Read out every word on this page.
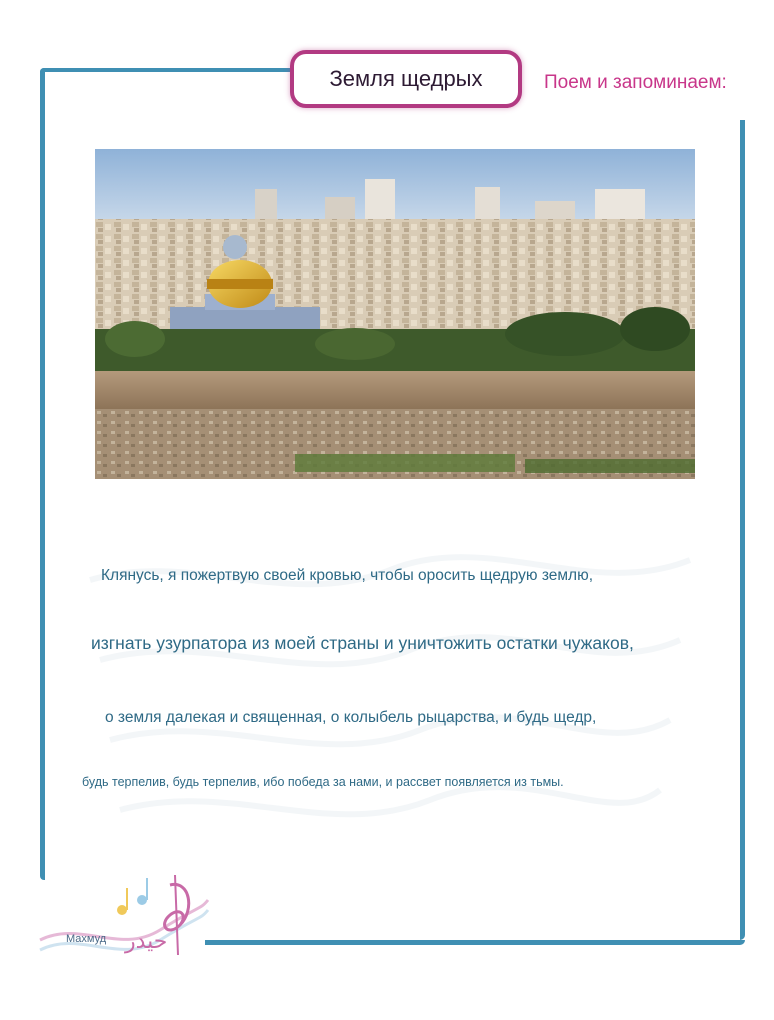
Земля щедрых	Поем и запоминаем:
Клянусь, я пожертвую своей кровью, чтобы оросить щедрую землю,
изгнать узурпатора из моей страны и уничтожить остатки чужаков,
о земля далекая и священная, о колыбель рыцарства, и будь щедр,
будь терпелив, будь терпелив, ибо победа за нами, и рассвет появляется из тьмы.
حيدر
Махмуд
